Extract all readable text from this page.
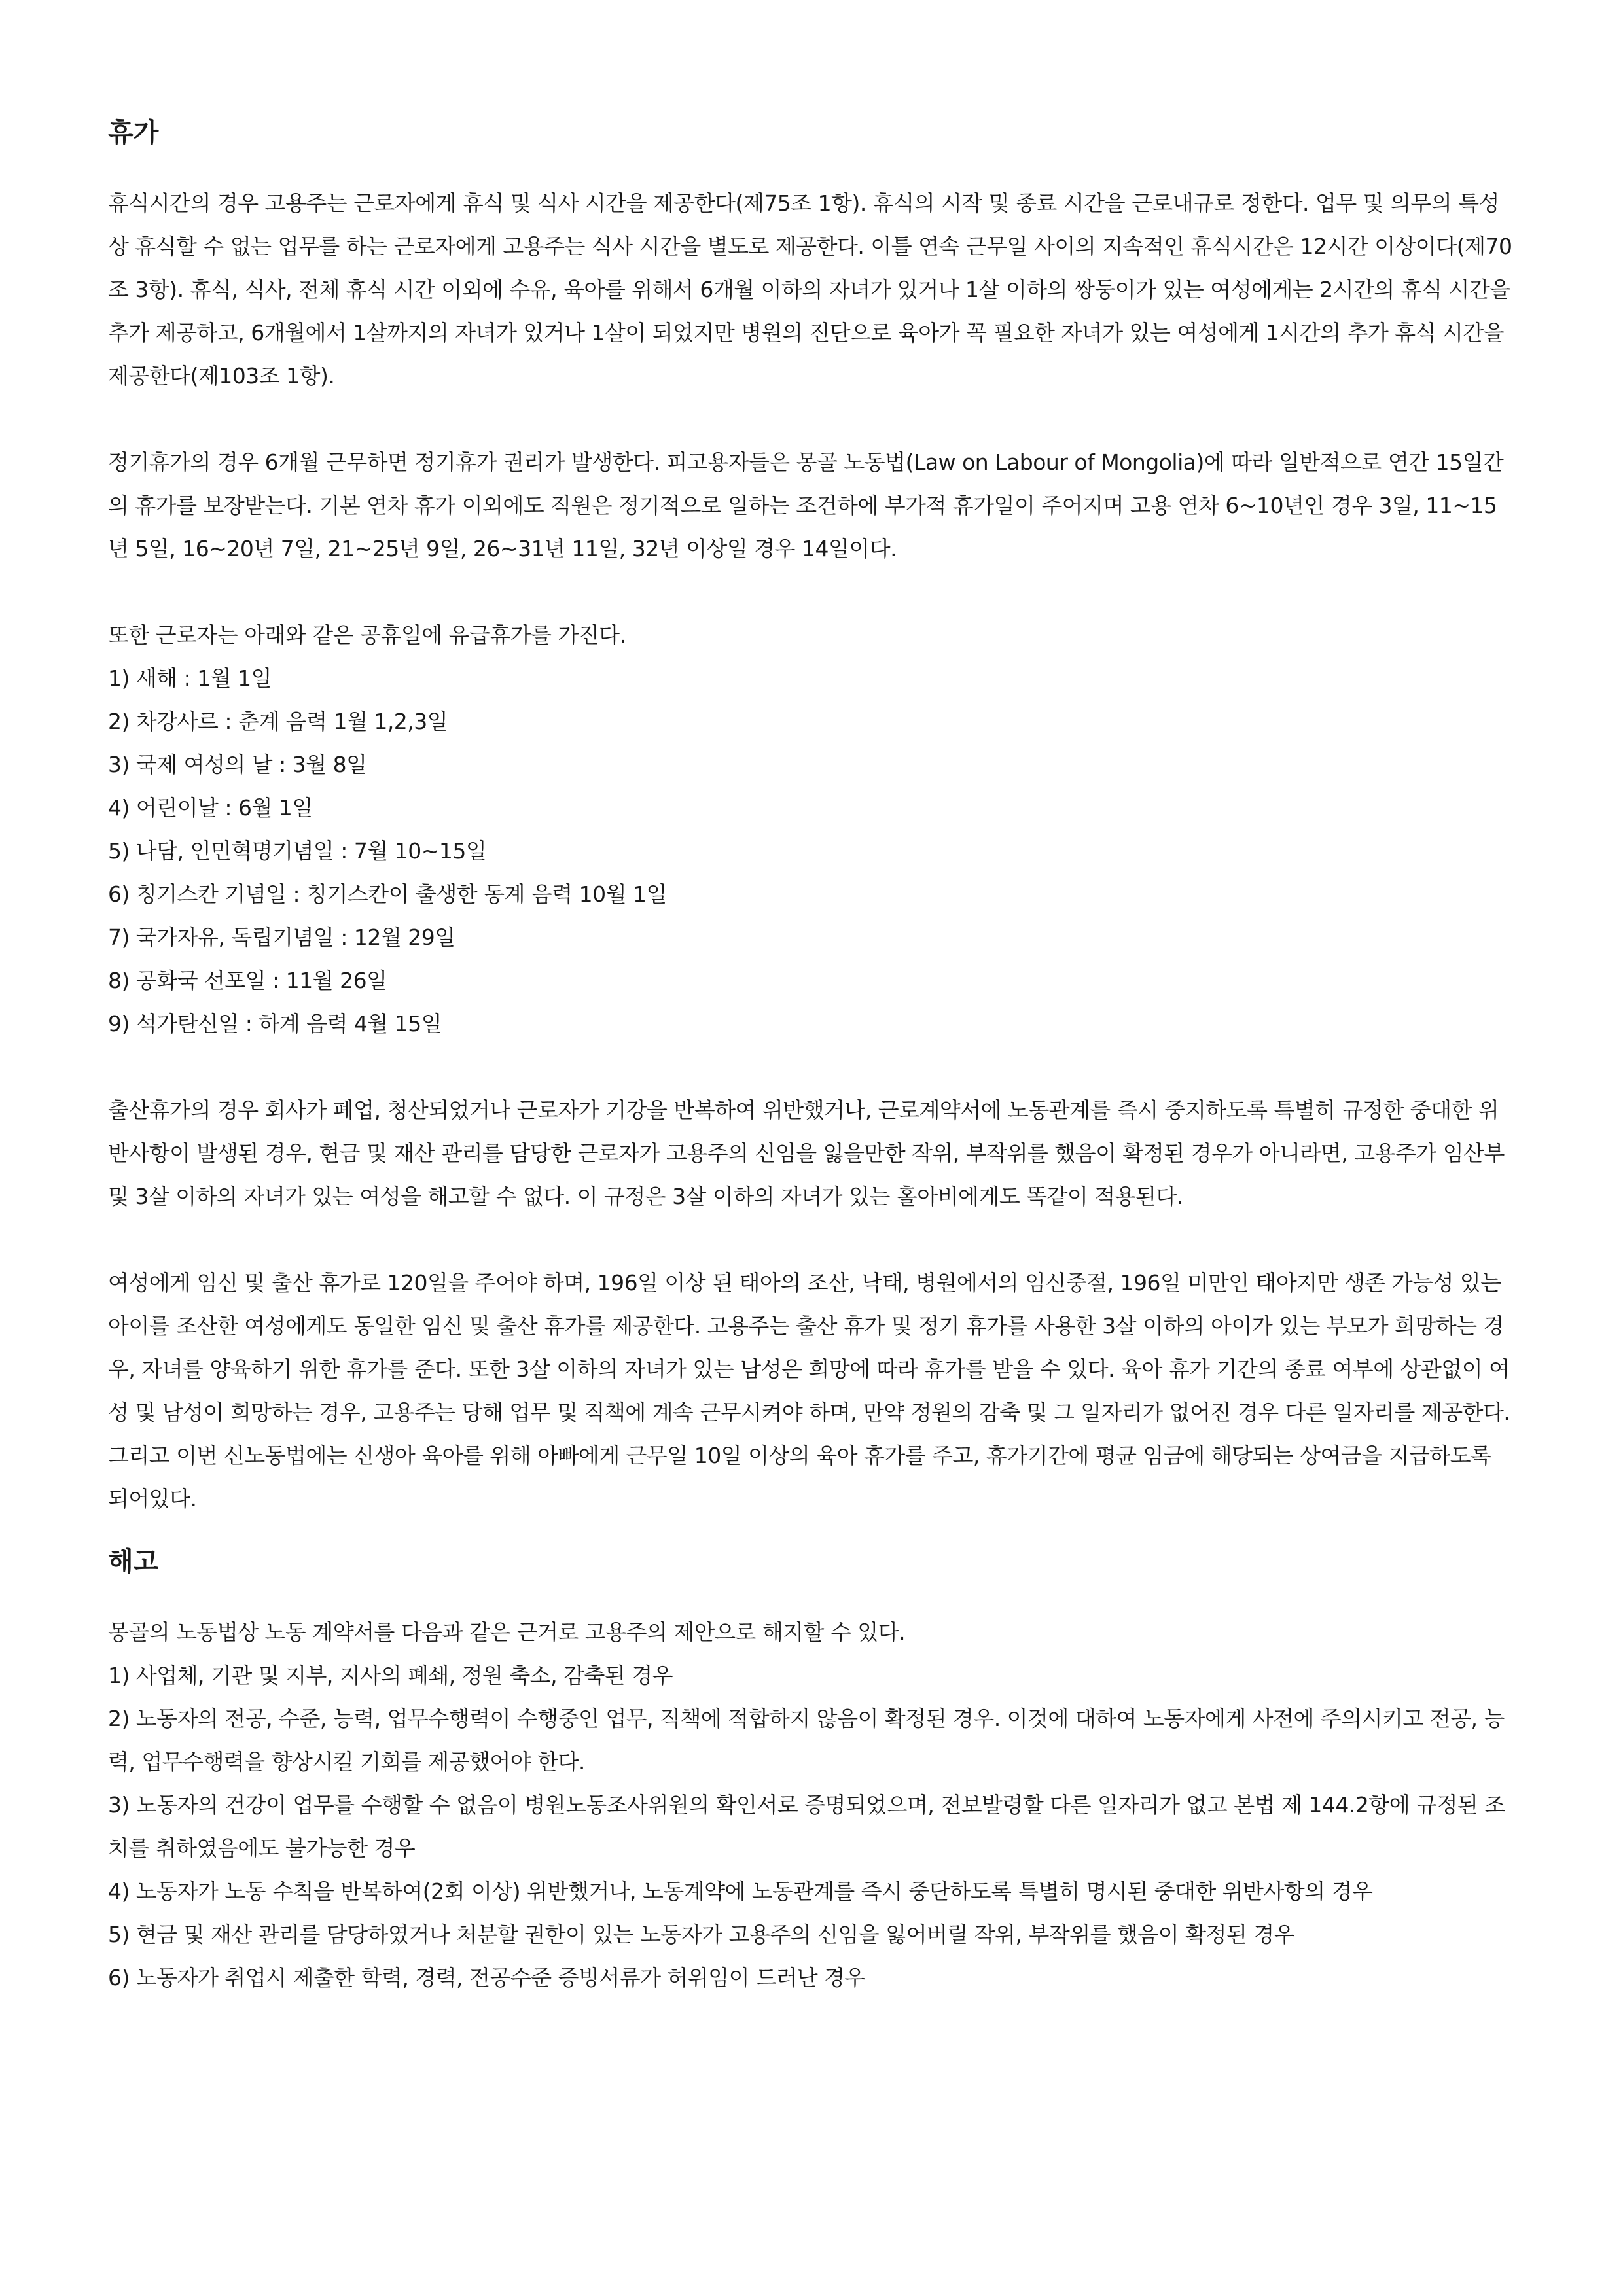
휴가

휴식시간의 경우 고용주는 근로자에게 휴식 및 식사 시간을 제공한다(제75조 1항). 휴식의 시작 및 종료 시간을 근로내규로 정한다. 업무 및 의무의 특성상 휴식할 수 없는 업무를 하는 근로자에게 고용주는 식사 시간을 별도로 제공한다. 이틀 연속 근무일 사이의 지속적인 휴식시간은 12시간 이상이다(제70조 3항). 휴식, 식사, 전체 휴식 시간 이외에 수유, 육아를 위해서 6개월 이하의 자녀가 있거나 1살 이하의 쌍둥이가 있는 여성에게는 2시간의 휴식 시간을 추가 제공하고, 6개월에서 1살까지의 자녀가 있거나 1살이 되었지만 병원의 진단으로 육아가 꼭 필요한 자녀가 있는 여성에게 1시간의 추가 휴식 시간을 제공한다(제103조 1항).

정기휴가의 경우 6개월 근무하면 정기휴가 권리가 발생한다. 피고용자들은 몽골 노동법(Law on Labour of Mongolia)에 따라 일반적으로 연간 15일간의 휴가를 보장받는다. 기본 연차 휴가 이외에도 직원은 정기적으로 일하는 조건하에 부가적 휴가일이 주어지며 고용 연차 6~10년인 경우 3일, 11~15년 5일, 16~20년 7일, 21~25년 9일, 26~31년 11일, 32년 이상일 경우 14일이다.

또한 근로자는 아래와 같은 공휴일에 유급휴가를 가진다.

1) 새해 : 1월 1일
2) 차강사르 : 춘계 음력 1월 1,2,3일
3) 국제 여성의 날 : 3월 8일
4) 어린이날 : 6월 1일
5) 나담, 인민혁명기념일 : 7월 10~15일
6) 칭기스칸 기념일 : 칭기스칸이 출생한 동계 음력 10월 1일
7) 국가자유, 독립기념일 : 12월 29일
8) 공화국 선포일 : 11월 26일
9) 석가탄신일 : 하계 음력 4월 15일

출산휴가의 경우 회사가 폐업, 청산되었거나 근로자가 기강을 반복하여 위반했거나, 근로계약서에 노동관계를 즉시 중지하도록 특별히 규정한 중대한 위반사항이 발생된 경우, 현금 및 재산 관리를 담당한 근로자가 고용주의 신임을 잃을만한 작위, 부작위를 했음이 확정된 경우가 아니라면, 고용주가 임산부 및 3살 이하의 자녀가 있는 여성을 해고할 수 없다. 이 규정은 3살 이하의 자녀가 있는 홀아비에게도 똑같이 적용된다.

여성에게 임신 및 출산 휴가로 120일을 주어야 하며, 196일 이상 된 태아의 조산, 낙태, 병원에서의 임신중절, 196일 미만인 태아지만 생존 가능성 있는 아이를 조산한 여성에게도 동일한 임신 및 출산 휴가를 제공한다. 고용주는 출산 휴가 및 정기 휴가를 사용한 3살 이하의 아이가 있는 부모가 희망하는 경우, 자녀를 양육하기 위한 휴가를 준다. 또한 3살 이하의 자녀가 있는 남성은 희망에 따라 휴가를 받을 수 있다. 육아 휴가 기간의 종료 여부에 상관없이 여성 및 남성이 희망하는 경우, 고용주는 당해 업무 및 직책에 계속 근무시켜야 하며, 만약 정원의 감축 및 그 일자리가 없어진 경우 다른 일자리를 제공한다. 그리고 이번 신노동법에는 신생아 육아를 위해 아빠에게 근무일 10일 이상의 육아 휴가를 주고, 휴가기간에 평균 임금에 해당되는 상여금을 지급하도록 되어있다.

해고

몽골의 노동법상 노동 계약서를 다음과 같은 근거로 고용주의 제안으로 해지할 수 있다.

1) 사업체, 기관 및 지부, 지사의 폐쇄, 정원 축소, 감축된 경우
2) 노동자의 전공, 수준, 능력, 업무수행력이 수행중인 업무, 직책에 적합하지 않음이 확정된 경우. 이것에 대하여 노동자에게 사전에 주의시키고 전공, 능력, 업무수행력을 향상시킬 기회를 제공했어야 한다.
3) 노동자의 건강이 업무를 수행할 수 없음이 병원노동조사위원의 확인서로 증명되었으며, 전보발령할 다른 일자리가 없고 본법 제 144.2항에 규정된 조치를 취하였음에도 불가능한 경우
4) 노동자가 노동 수칙을 반복하여(2회 이상) 위반했거나, 노동계약에 노동관계를 즉시 중단하도록 특별히 명시된 중대한 위반사항의 경우
5) 현금 및 재산 관리를 담당하였거나 처분할 권한이 있는 노동자가 고용주의 신임을 잃어버릴 작위, 부작위를 했음이 확정된 경우
6) 노동자가 취업시 제출한 학력, 경력, 전공수준 증빙서류가 허위임이 드러난 경우
